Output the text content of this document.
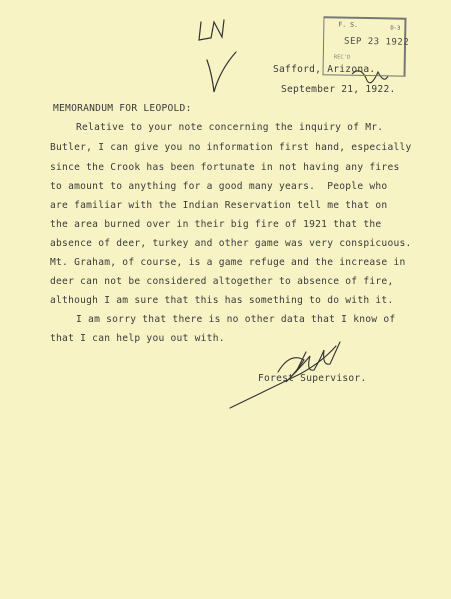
F. S.	D-3
SEP 23 1922
REC'D
Safford, Arizona.
September 21, 1922.
MEMORANDUM FOR LEOPOLD:
Relative to your note concerning the inquiry of Mr.
Butler, I can give you no information first hand, especially
since the Crook has been fortunate in not having any fires
to amount to anything for a good many years.  People who
are familiar with the Indian Reservation tell me that on
the area burned over in their big fire of 1921 that the
absence of deer, turkey and other game was very conspicuous.
Mt. Graham, of course, is a game refuge and the increase in
deer can not be considered altogether to absence of fire,
although I am sure that this has something to do with it.
I am sorry that there is no other data that I know of
that I can help you out with.
Forest Supervisor.
